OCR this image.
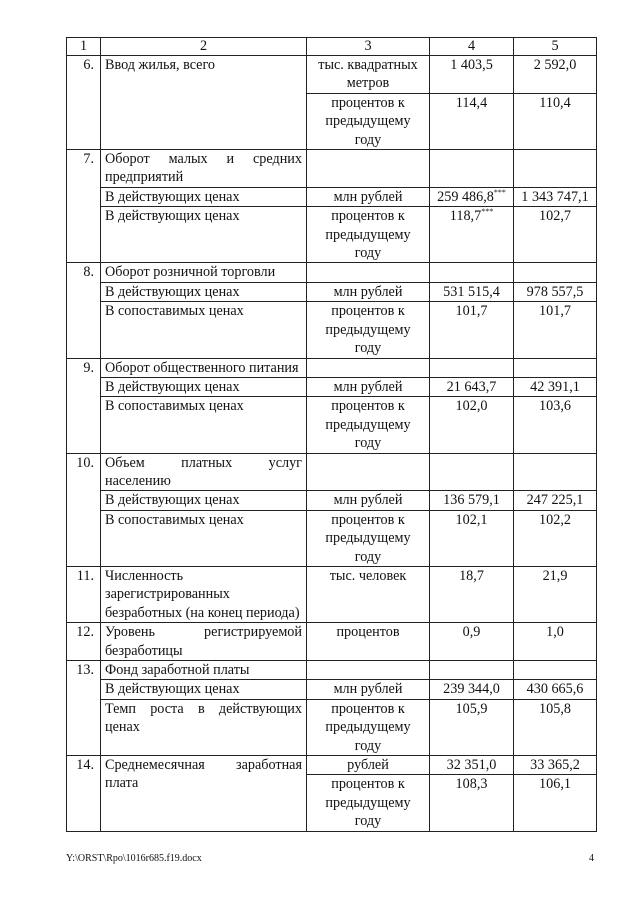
1	2	3	4	5
6.	Ввод жилья, всего	тыс. квадратных метров	1 403,5	2 592,0
		процентов к предыдущему году	114,4	110,4
7.	Оборот малых и средних предприятий			
	В действующих ценах	млн рублей	259 486,8***	1 343 747,1
	В действующих ценах	процентов к предыдущему году	118,7***	102,7
8.	Оборот розничной торговли			
	В действующих ценах	млн рублей	531 515,4	978 557,5
	В сопоставимых ценах	процентов к предыдущему году	101,7	101,7
9.	Оборот общественного питания			
	В действующих ценах	млн рублей	21 643,7	42 391,1
	В сопоставимых ценах	процентов к предыдущему году	102,0	103,6
10.	Объем платных услуг населению			
	В действующих ценах	млн рублей	136 579,1	247 225,1
	В сопоставимых ценах	процентов к предыдущему году	102,1	102,2
11.	Численность зарегистрированных безработных (на конец периода)	тыс. человек	18,7	21,9
12.	Уровень регистрируемой безработицы	процентов	0,9	1,0
13.	Фонд заработной платы			
	В действующих ценах	млн рублей	239 344,0	430 665,6
	Темп роста в действующих ценах	процентов к предыдущему году	105,9	105,8
14.	Среднемесячная заработная плата	рублей	32 351,0	33 365,2
		процентов к предыдущему году	108,3	106,1
Y:\ORST\Rpo\1016r685.f19.docx	4
